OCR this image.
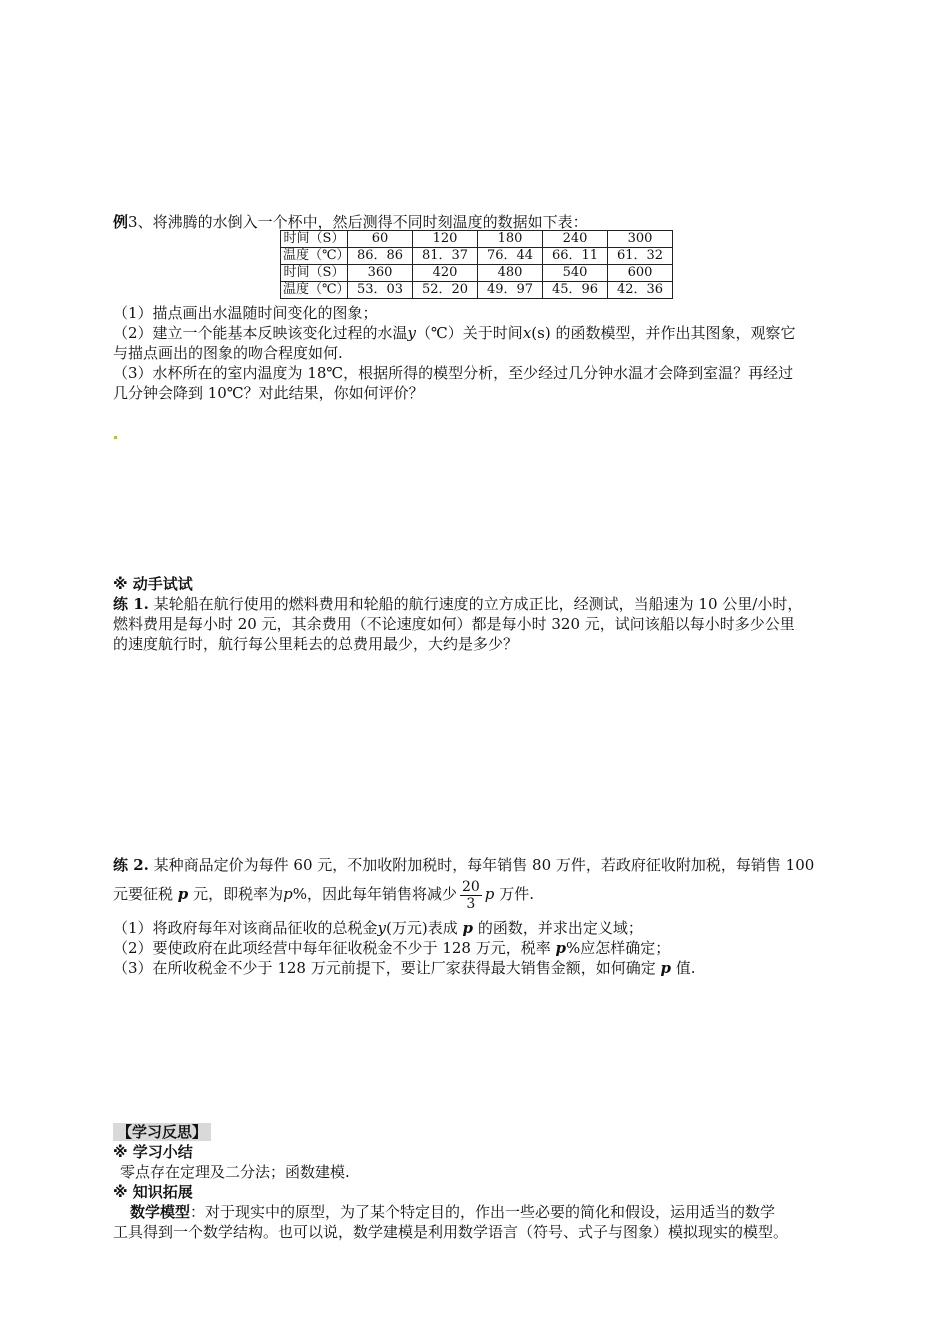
例3、将沸腾的水倒入一个杯中，然后测得不同时刻温度的数据如下表：
时间（S）	60	120	180	240	300
温度（℃）	86．86	81．37	76．44	66．11	61．32
时间（S）	360	420	480	540	600
温度（℃）	53．03	52．20	49．97	45．96	42．36
（1）描点画出水温随时间变化的图象；
（2）建立一个能基本反映该变化过程的水温y（℃）关于时间x(s) 的函数模型，并作出其图象，观察它
与描点画出的图象的吻合程度如何.
（3）水杯所在的室内温度为 18℃，根据所得的模型分析，至少经过几分钟水温才会降到室温？再经过
几分钟会降到 10℃？对此结果，你如何评价？
※ 动手试试
练 1. 某轮船在航行使用的燃料费用和轮船的航行速度的立方成正比，经测试，当船速为 10 公里/小时，
燃料费用是每小时 20 元，其余费用（不论速度如何）都是每小时 320 元，试问该船以每小时多少公里
的速度航行时，航行每公里耗去的总费用最少，大约是多少？
练 2. 某种商品定价为每件 60 元，不加收附加税时，每年销售 80 万件，若政府征收附加税，每销售 100
元要征税 p 元，即税率为p%，因此每年销售将减少 $\frac{20}{3}$ p 万件.
（1）将政府每年对该商品征收的总税金y(万元)表成 p 的函数，并求出定义域；
（2）要使政府在此项经营中每年征收税金不少于 128 万元，税率 p%应怎样确定；
（3）在所收税金不少于 128 万元前提下，要让厂家获得最大销售金额，如何确定 p 值.
【学习反思】
※ 学习小结
零点存在定理及二分法；函数建模.
※ 知识拓展
数学模型：对于现实中的原型，为了某个特定目的，作出一些必要的简化和假设，运用适当的数学
工具得到一个数学结构。也可以说，数学建模是利用数学语言（符号、式子与图象）模拟现实的模型。
